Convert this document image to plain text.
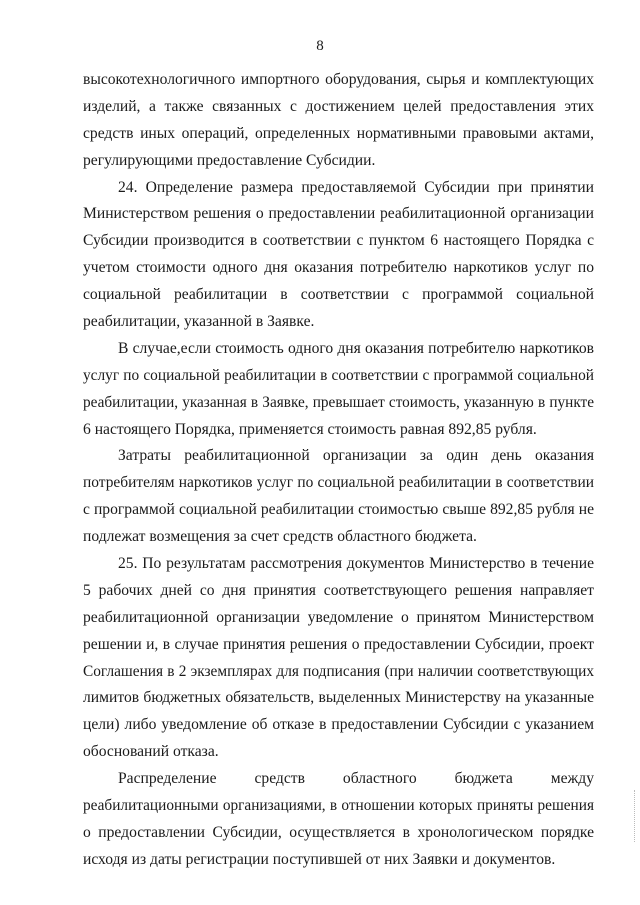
8
высокотехнологичного импортного оборудования, сырья и комплектующих
изделий, а также связанных с достижением целей предоставления этих
средств иных операций, определенных нормативными правовыми актами,
регулирующими предоставление Субсидии.
24. Определение размера предоставляемой Субсидии при принятии
Министерством решения о предоставлении реабилитационной организации
Субсидии производится в соответствии с пунктом 6 настоящего Порядка с
учетом стоимости одного дня оказания потребителю наркотиков услуг по
социальной реабилитации в соответствии с программой социальной
реабилитации, указанной в Заявке.
В случае,если стоимость одного дня оказания потребителю наркотиков
услуг по социальной реабилитации в соответствии с программой социальной
реабилитации, указанная в Заявке, превышает стоимость, указанную в пункте
6 настоящего Порядка, применяется стоимость равная 892,85 рубля.
Затраты реабилитационной организации за один день оказания
потребителям наркотиков услуг по социальной реабилитации в соответствии
с программой социальной реабилитации стоимостью свыше 892,85 рубля не
подлежат возмещения за счет средств областного бюджета.
25. По результатам рассмотрения документов Министерство в течение
5 рабочих дней со дня принятия соответствующего решения направляет
реабилитационной организации уведомление о принятом Министерством
решении и, в случае принятия решения о предоставлении Субсидии, проект
Соглашения в 2 экземплярах для подписания (при наличии соответствующих
лимитов бюджетных обязательств, выделенных Министерству на указанные
цели) либо уведомление об отказе в предоставлении Субсидии с указанием
обоснований отказа.
Распределение средств областного бюджета между
реабилитационными организациями, в отношении которых приняты решения
о предоставлении Субсидии, осуществляется в хронологическом порядке
исходя из даты регистрации поступившей от них Заявки и документов.
